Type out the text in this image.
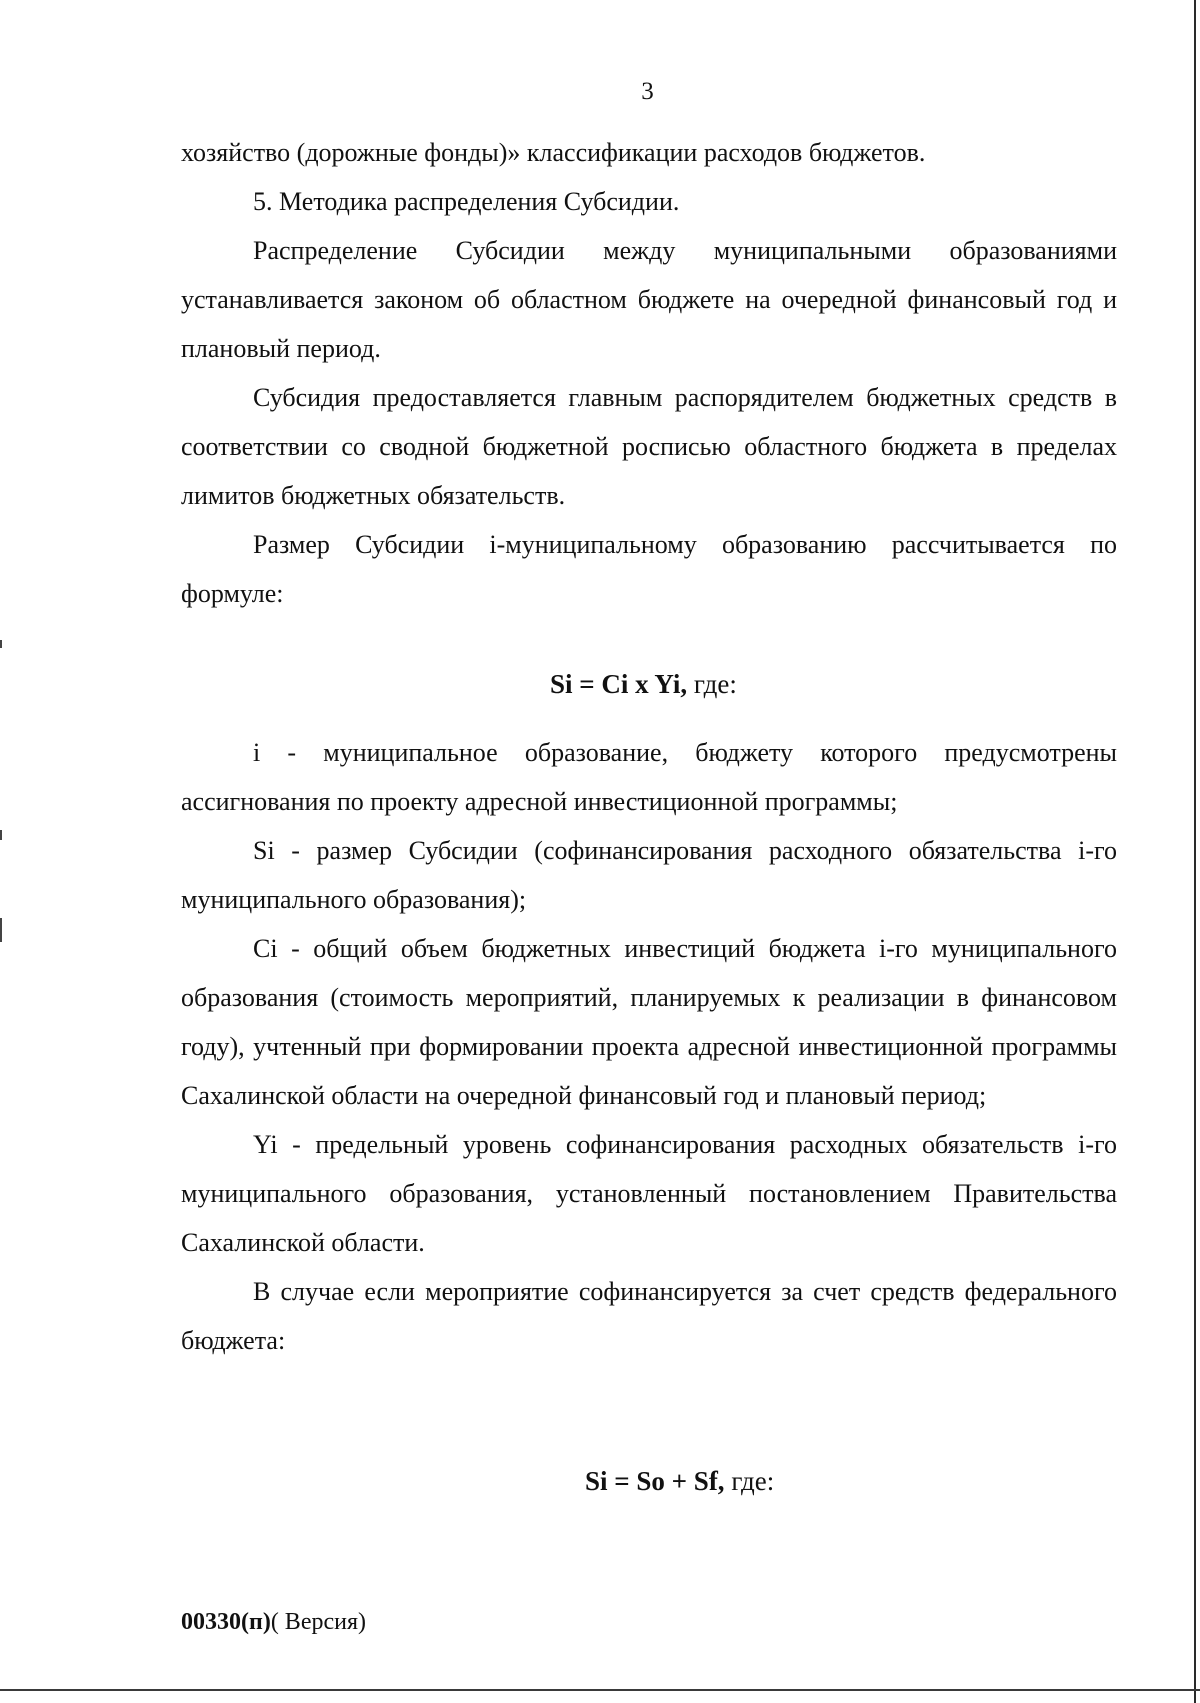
3

хозяйство (дорожные фонды)» классификации расходов бюджетов.

5. Методика распределения Субсидии.

Распределение Субсидии между муниципальными образованиями устанавливается законом об областном бюджете на очередной финансовый год и плановый период.

Субсидия предоставляется главным распорядителем бюджетных средств в соответствии со сводной бюджетной росписью областного бюджета в пределах лимитов бюджетных обязательств.

Размер Субсидии i-муниципальному образованию рассчитывается по формуле:

Si = Ci x Yi, где:

i - муниципальное образование, бюджету которого предусмотрены ассигнования по проекту адресной инвестиционной программы;

Si - размер Субсидии (софинансирования расходного обязательства i-го муниципального образования);

Ci - общий объем бюджетных инвестиций бюджета i-го муниципального образования (стоимость мероприятий, планируемых к реализации в финансовом году), учтенный при формировании проекта адресной инвестиционной программы Сахалинской области на очередной финансовый год и плановый период;

Yi - предельный уровень софинансирования расходных обязательств i-го муниципального образования, установленный постановлением Правительства Сахалинской области.

В случае если мероприятие софинансируется за счет средств федерального бюджета:

Si = So + Sf, где:
00330(п)( Версия)
